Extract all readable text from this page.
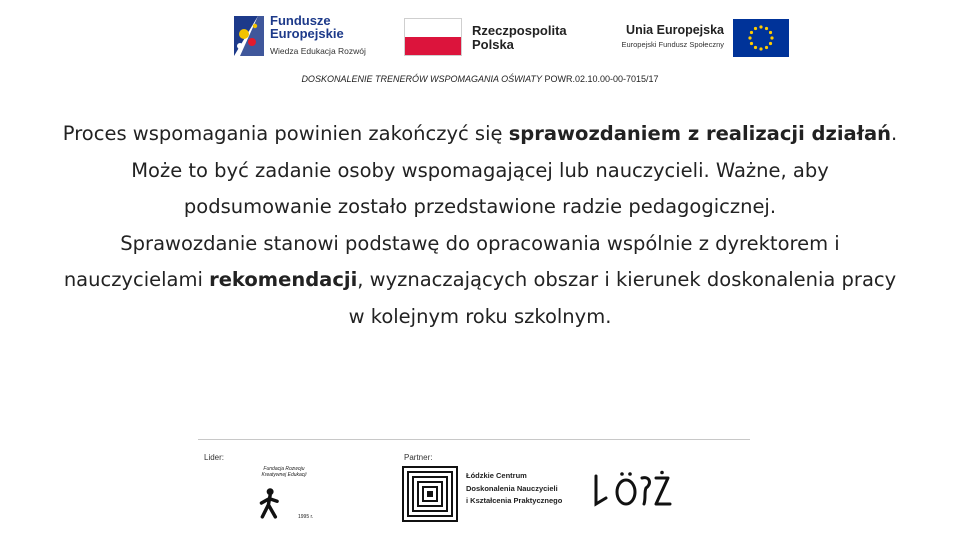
Fundusze
Europejskie
Wiedza Edukacja Rozwój
Rzeczpospolita
Polska
Unia Europejska
Europejski Fundusz Społeczny
DOSKONALENIE TRENERÓW WSPOMAGANIA OŚWIATY POWR.02.10.00-00-7015/17

Proces wspomagania powinien zakończyć się sprawozdaniem z realizacji działań. Może to być zadanie osoby wspomagającej lub nauczycieli. Ważne, aby podsumowanie zostało przedstawione radzie pedagogicznej.

Sprawozdanie stanowi podstawę do opracowania wspólnie z dyrektorem i nauczycielami rekomendacji, wyznaczających obszar i kierunek doskonalenia pracy w kolejnym roku szkolnym.

Lider:	Partner:
Fundacja Rozwoju Kreatywnej Edukacji
1995 r.
Łódzkie Centrum
Doskonalenia Nauczycieli
i Kształcenia Praktycznego
